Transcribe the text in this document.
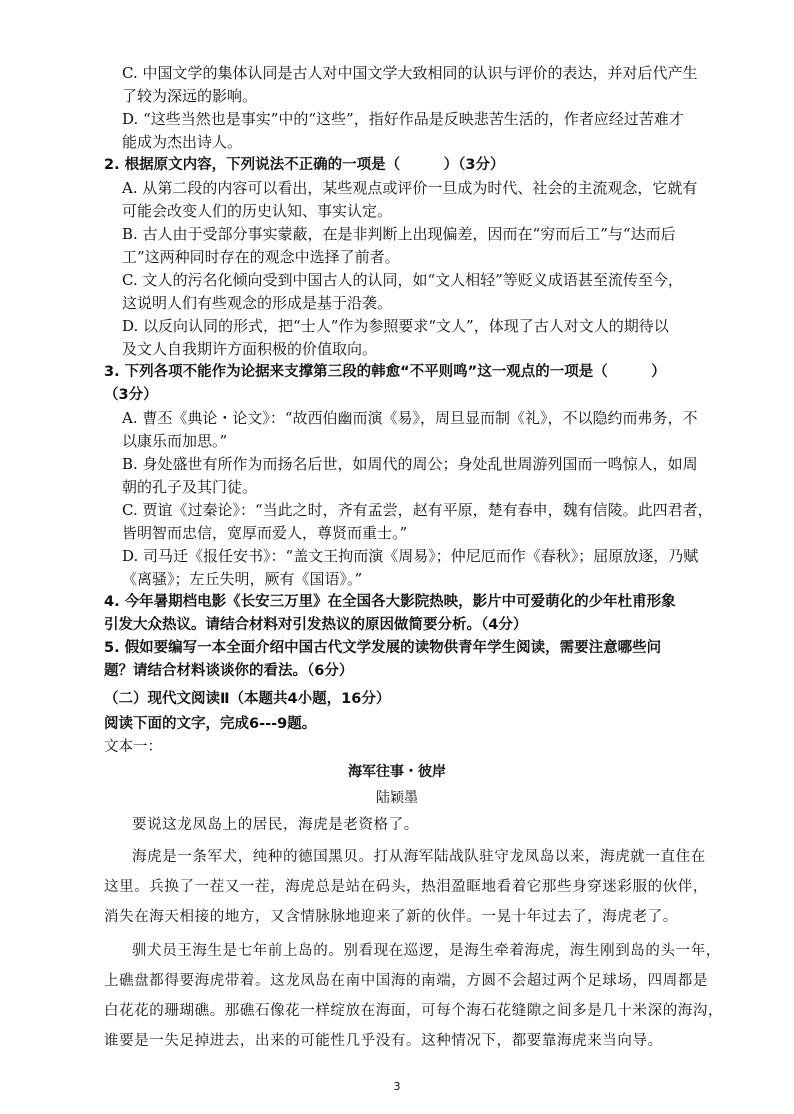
C. 中国文学的集体认同是古人对中国文学大致相同的认识与评价的表达，并对后代产生
了较为深远的影响。
D. “这些当然也是事实”中的“这些”，指好作品是反映悲苦生活的，作者应经过苦难才
能成为杰出诗人。
2. 根据原文内容，下列说法不正确的一项是（　　　）（3分）
A. 从第二段的内容可以看出，某些观点或评价一旦成为时代、社会的主流观念，它就有
可能会改变人们的历史认知、事实认定。
B. 古人由于受部分事实蒙蔽，在是非判断上出现偏差，因而在“穷而后工”与“达而后
工”这两种同时存在的观念中选择了前者。
C. 文人的污名化倾向受到中国古人的认同，如“文人相轻”等贬义成语甚至流传至今，
这说明人们有些观念的形成是基于沿袭。
D. 以反向认同的形式，把“士人”作为参照要求“文人”，体现了古人对文人的期待以
及文人自我期许方面积极的价值取向。
3. 下列各项不能作为论据来支撑第三段的韩愈“不平则鸣”这一观点的一项是（　　　）
（3分）
A. 曹丕《典论・论文》：“故西伯幽而演《易》，周旦显而制《礼》，不以隐约而弗务，不
以康乐而加思。”
B. 身处盛世有所作为而扬名后世，如周代的周公；身处乱世周游列国而一鸣惊人，如周
朝的孔子及其门徒。
C. 贾谊《过秦论》：“当此之时，齐有孟尝，赵有平原，楚有春申，魏有信陵。此四君者，
皆明智而忠信，宽厚而爱人，尊贤而重士。”
D. 司马迁《报任安书》：“盖文王拘而演《周易》；仲尼厄而作《春秋》；屈原放逐，乃赋
《离骚》；左丘失明，厥有《国语》。”
4. 今年暑期档电影《长安三万里》在全国各大影院热映，影片中可爱萌化的少年杜甫形象
引发大众热议。请结合材料对引发热议的原因做简要分析。（4分）
5. 假如要编写一本全面介绍中国古代文学发展的读物供青年学生阅读，需要注意哪些问
题？请结合材料谈谈你的看法。（6分）
（二）现代文阅读Ⅱ（本题共4小题，16分）
阅读下面的文字，完成6---9题。
文本一：
海军往事・彼岸
陆颖墨
要说这龙凤岛上的居民，海虎是老资格了。
海虎是一条军犬，纯种的德国黑贝。打从海军陆战队驻守龙凤岛以来，海虎就一直住在
这里。兵换了一茬又一茬，海虎总是站在码头，热泪盈眶地看着它那些身穿迷彩服的伙伴，
消失在海天相接的地方，又含情脉脉地迎来了新的伙伴。一晃十年过去了，海虎老了。
驯犬员王海生是七年前上岛的。别看现在巡逻，是海生牵着海虎，海生刚到岛的头一年，
上礁盘都得要海虎带着。这龙凤岛在南中国海的南端，方圆不会超过两个足球场，四周都是
白花花的珊瑚礁。那礁石像花一样绽放在海面，可每个海石花缝隙之间多是几十米深的海沟，
谁要是一失足掉进去，出来的可能性几乎没有。这种情况下，都要靠海虎来当向导。
3
